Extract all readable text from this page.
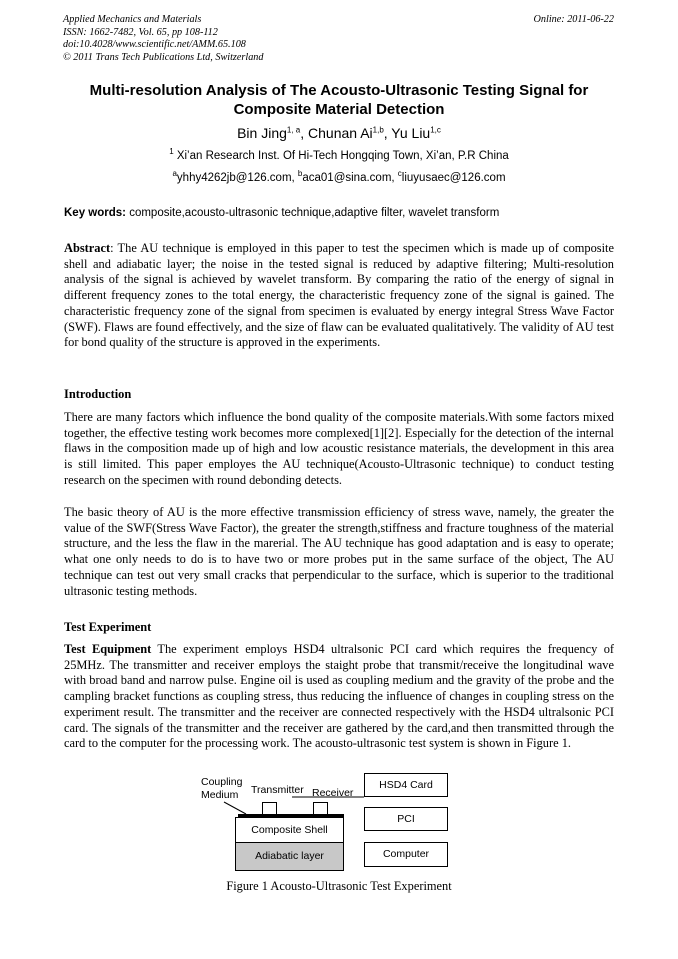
Applied Mechanics and Materials
ISSN: 1662-7482, Vol. 65, pp 108-112
doi:10.4028/www.scientific.net/AMM.65.108
© 2011 Trans Tech Publications Ltd, Switzerland
Online: 2011-06-22
Multi-resolution Analysis of The Acousto-Ultrasonic Testing Signal for
Composite Material Detection
Bin Jing$^{1, a}$, Chunan Ai$^{1,b}$, Yu Liu$^{1,c}$
$^1$ Xi’an Research Inst. Of Hi-Tech Hongqing Town, Xi’an, P.R China
$^a$yhhy4262jb@126.com, $^b$aca01@sina.com, $^c$liuyusaec@126.com
Key words: composite,acousto-ultrasonic technique,adaptive filter, wavelet transform

Abstract: The AU technique is employed in this paper to test the specimen which is made up of composite shell and adiabatic layer; the noise in the tested signal is reduced by adaptive filtering; Multi-resolution analysis of the signal is achieved by wavelet transform. By comparing the ratio of the energy of signal in different frequency zones to the total energy, the characteristic frequency zone of the signal is gained. The characteristic frequency zone of the signal from specimen is evaluated by energy integral Stress Wave Factor (SWF). Flaws are found effectively, and the size of flaw can be evaluated qualitatively. The validity of AU test for bond quality of the structure is approved in the experiments.

Introduction

There are many factors which influence the bond quality of the composite materials.With some factors mixed together, the effective testing work becomes more complexed[1][2]. Especially for the detection of the internal flaws in the composition made up of high and low acoustic resistance materials, the development in this area is still limited. This paper employes the AU technique(Acousto-Ultrasonic technique) to conduct testing research on the specimen with round debonding detects.

The basic theory of AU is the more effective transmission efficiency of stress wave, namely, the greater the value of the SWF(Stress Wave Factor), the greater the strength,stiffness and fracture toughness of the material structure, and the less the flaw in the marerial. The AU technique has good adaptation and is easy to operate; what one only needs to do is to have two or more probes put in the same surface of the object, The AU technique can test out very small cracks that perpendicular to the surface, which is superior to the traditional ultrasonic testing methods.

Test Experiment

Test Equipment The experiment employs HSD4 ultralsonic PCI card which requires the frequency of 25MHz. The transmitter and receiver employs the staight probe that transmit/receive the longitudinal wave with broad band and narrow pulse. Engine oil is used as coupling medium and the gravity of the probe and the campling bracket functions as coupling stress, thus reducing the influence of changes in coupling stress on the experiment result. The transmitter and the receiver are connected respectively with the HSD4 ultralsonic PCI card. The signals of the transmitter and the receiver are gathered by the card,and then transmitted through the card to the computer for the processing work. The acousto-ultrasonic test system is shown in Figure 1.

Coupling
Medium Transmitter Receiver
Composite Shell
Adiabatic layer
HSD4 Card
PCI
Computer
Figure 1 Acousto-Ultrasonic Test Experiment
